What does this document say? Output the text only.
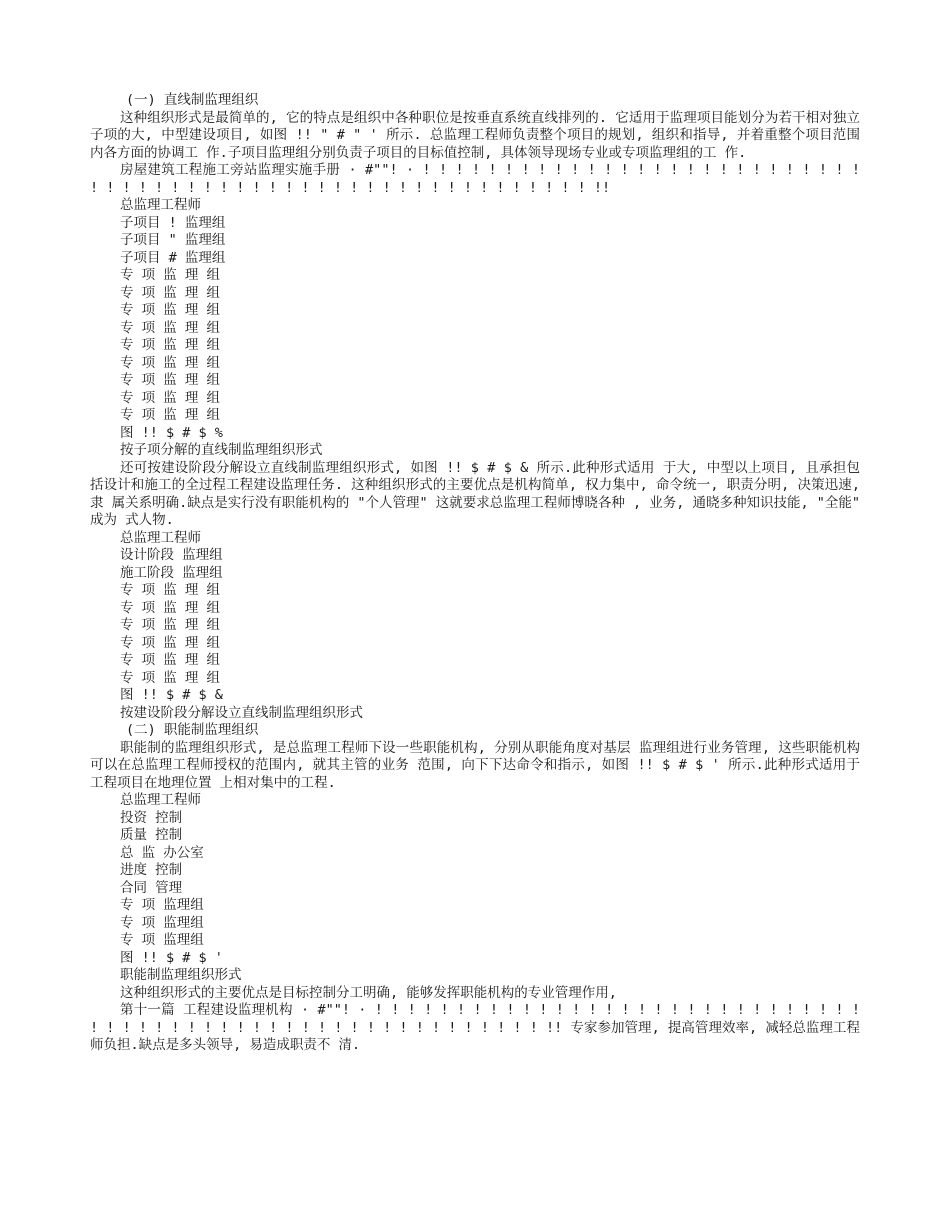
(一) 直线制监理组织

这种组织形式是最简单的, 它的特点是组织中各种职位是按垂直系统直线排列的. 它适用于监理项目能划分为若干相对独立子项的大, 中型建设项目, 如图 !! " # " ' 所示. 总监理工程师负责整个项目的规划, 组织和指导, 并着重整个项目范围内各方面的协调工 作.子项目监理组分别负责子项目的目标值控制, 具体领导现场专业或专项监理组的工 作.

房屋建筑工程施工旁站监理实施手册 · #""! · ! ! ! ! ! ! ! ! ! ! ! ! ! ! ! ! ! ! ! ! ! ! ! ! ! ! ! ! ! ! ! ! ! ! ! ! ! ! ! ! ! ! ! ! ! ! ! ! ! ! ! ! ! ! ! ! ! ! !!

总监理工程师
子项目 ! 监理组
子项目 " 监理组
子项目 # 监理组
专 项 监 理 组
专 项 监 理 组
专 项 监 理 组
专 项 监 理 组
专 项 监 理 组
专 项 监 理 组
专 项 监 理 组
专 项 监 理 组
专 项 监 理 组
图 !! $ # $ %
按子项分解的直线制监理组织形式

还可按建设阶段分解设立直线制监理组织形式, 如图 !! $ # $ & 所示.此种形式适用 于大, 中型以上项目, 且承担包括设计和施工的全过程工程建设监理任务. 这种组织形式的主要优点是机构简单, 权力集中, 命令统一, 职责分明, 决策迅速, 隶 属关系明确.缺点是实行没有职能机构的 "个人管理" 这就要求总监理工程师博晓各种 , 业务, 通晓多种知识技能, "全能" 成为 式人物.

总监理工程师
设计阶段 监理组
施工阶段 监理组
专 项 监 理 组
专 项 监 理 组
专 项 监 理 组
专 项 监 理 组
专 项 监 理 组
专 项 监 理 组
图 !! $ # $ &
按建设阶段分解设立直线制监理组织形式

(二) 职能制监理组织

职能制的监理组织形式, 是总监理工程师下设一些职能机构, 分别从职能角度对基层 监理组进行业务管理, 这些职能机构可以在总监理工程师授权的范围内, 就其主管的业务 范围, 向下下达命令和指示, 如图 !! $ # $ ' 所示.此种形式适用于工程项目在地理位置 上相对集中的工程.

总监理工程师
投资 控制
质量 控制
总 监 办公室
进度 控制
合同 管理
专 项 监理组
专 项 监理组
专 项 监理组
图 !! $ # $ '
职能制监理组织形式

这种组织形式的主要优点是目标控制分工明确, 能够发挥职能机构的专业管理作用,

第十一篇 工程建设监理机构 · #""! · ! ! ! ! ! ! ! ! ! ! ! ! ! ! ! ! ! ! ! ! ! ! ! ! ! ! ! ! ! ! ! ! ! ! ! ! ! ! ! ! ! ! ! ! ! ! ! ! ! ! ! ! ! ! ! ! ! ! !! 专家参加管理, 提高管理效率, 减轻总监理工程师负担.缺点是多头领导, 易造成职责不 清.
